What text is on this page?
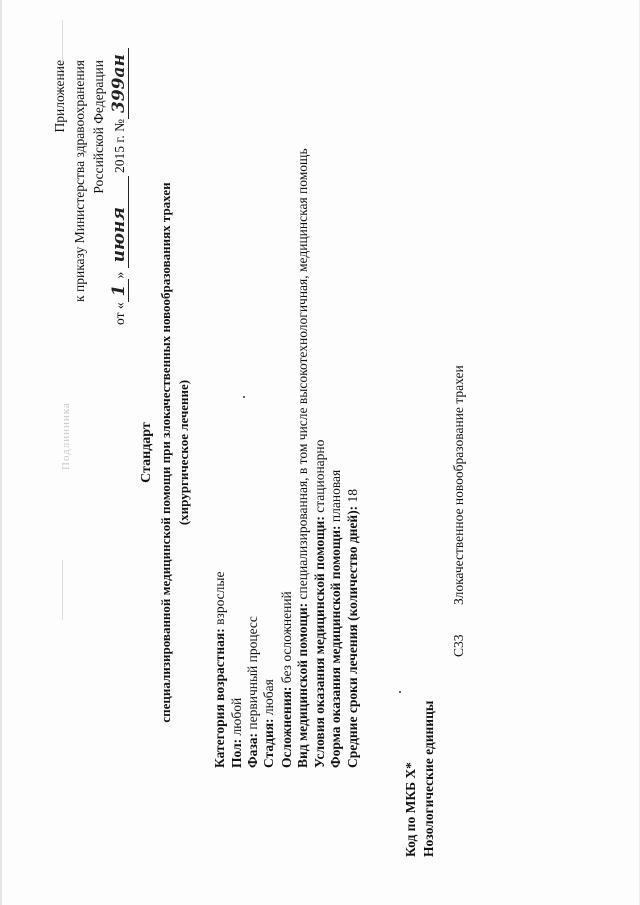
Приложение к приказу Министерства здравоохранения Российской Федерации
от «1» июня 2015 г. №399ан
Подлинника	Стандарт специализированной медицинской помощи при злокачественных новообразованиях трахеи (хирургическое лечение)
Категория возрастная: взрослые
Пол: любой
Фаза: первичный процесс
Стадия: любая Осложнения: без осложнений Вид медицинской помощи: специализированная, в том числе высокотехнологичная, медицинская помощь
Условия оказания медицинской помощи: стационарно
Форма оказания медицинской помощи: плановая
Средние сроки лечения (количество дней): 18
Код по МКБ X* Нозологические единицы
C33
Злокачественное новообразование трахеи
